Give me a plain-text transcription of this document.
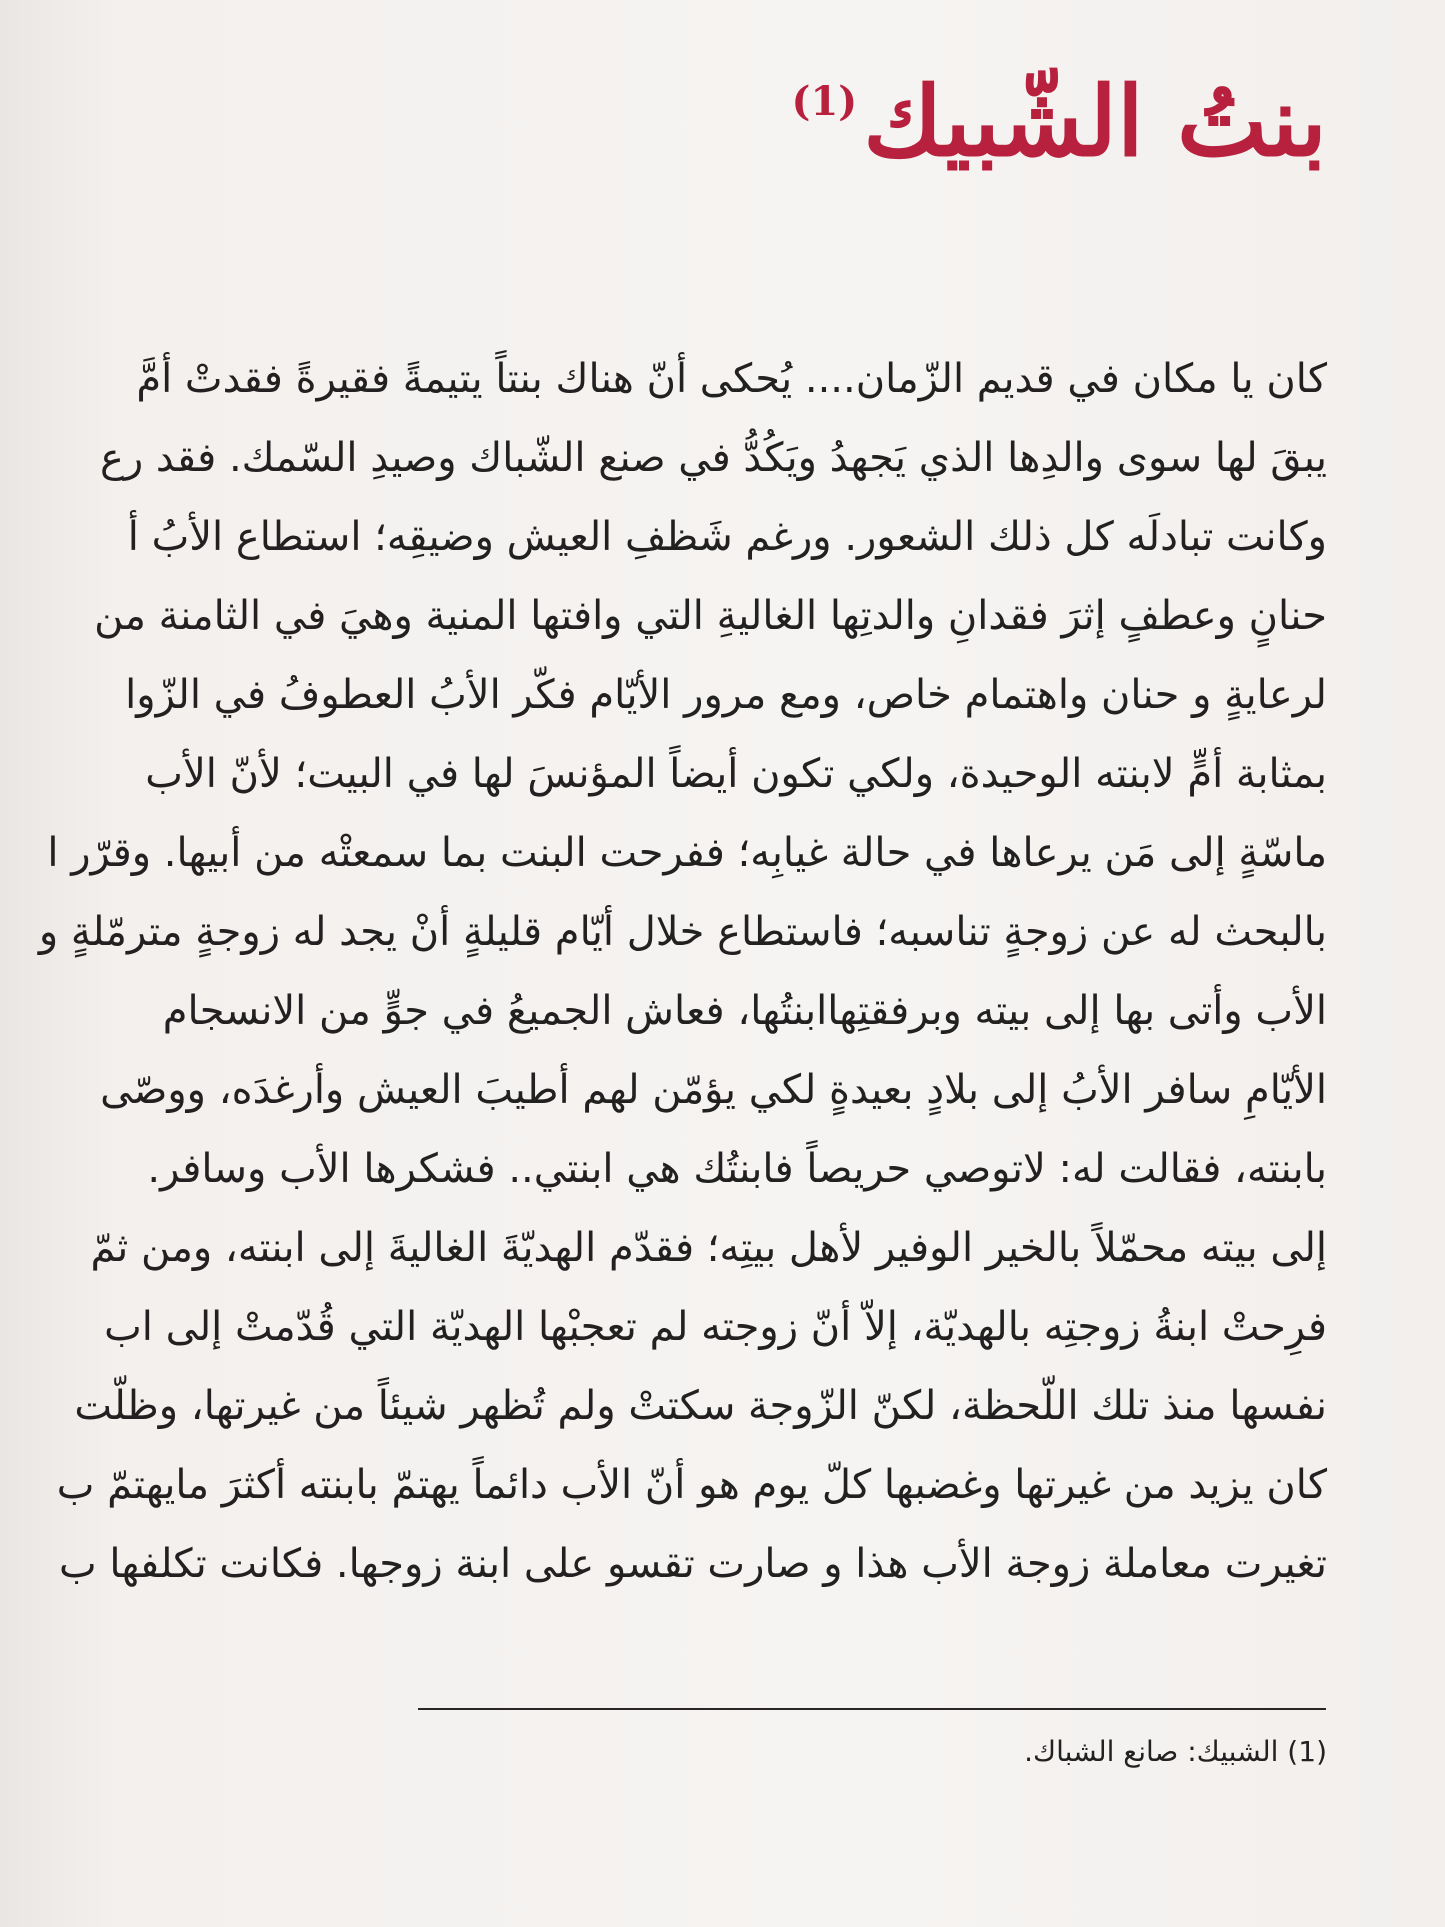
بنتُ الشّبيك
(1)
كان يا مكان في قديم الزّمان.... يُحكى أنّ هناك بنتاً يتيمةً فقيرةً فقدتْ أمَّ
يبقَ لها سوى والدِها الذي يَجهدُ ويَكُدُّ في صنع الشّباك وصيدِ السّمك. فقد رع
وكانت تبادلَه كل ذلك الشعور. ورغم شَظفِ العيش وضيقِه؛ استطاع الأبُ أ
حنانٍ وعطفٍ إثرَ فقدانِ والدتِها الغاليةِ التي وافتها المنية وهيَ في الثامنة من
لرعايةٍ و حنان واهتمام خاص، ومع مرور الأيّام فكّر الأبُ العطوفُ في الزّوا
بمثابة أمٍّ لابنته الوحيدة، ولكي تكون أيضاً المؤنسَ لها في البيت؛ لأنّ الأب
ماسّةٍ إلى مَن يرعاها في حالة غيابِه؛ ففرحت البنت بما سمعتْه من أبيها. وقرّر ا
بالبحث له عن زوجةٍ تناسبه؛ فاستطاع خلال أيّام قليلةٍ أنْ يجد له زوجةٍ مترمّلةٍ و
الأب وأتى بها إلى بيته وبرفقتِهاابنتُها، فعاش الجميعُ في جوٍّ من الانسجام
الأيّامِ سافر الأبُ إلى بلادٍ بعيدةٍ لكي يؤمّن لهم أطيبَ العيش وأرغدَه، ووصّى
بابنته، فقالت له: لاتوصي حريصاً فابنتُك هي ابنتي.. فشكرها الأب وسافر.
إلى بيته محمّلاً بالخير الوفير لأهل بيتِه؛ فقدّم الهديّةَ الغاليةَ إلى ابنته، ومن ثمّ
فرِحتْ ابنةُ زوجتِه بالهديّة، إلاّ أنّ زوجته لم تعجبْها الهديّة التي قُدّمتْ إلى اب
نفسها منذ تلك اللّحظة، لكنّ الزّوجة سكتتْ ولم تُظهر شيئاً من غيرتها، وظلّت
كان يزيد من غيرتها وغضبها كلّ يوم هو أنّ الأب دائماً يهتمّ بابنته أكثرَ مايهتمّ ب
تغيرت معاملة زوجة الأب هذا و صارت تقسو على ابنة زوجها. فكانت تكلفها ب
(1) الشبيك: صانع الشباك.
